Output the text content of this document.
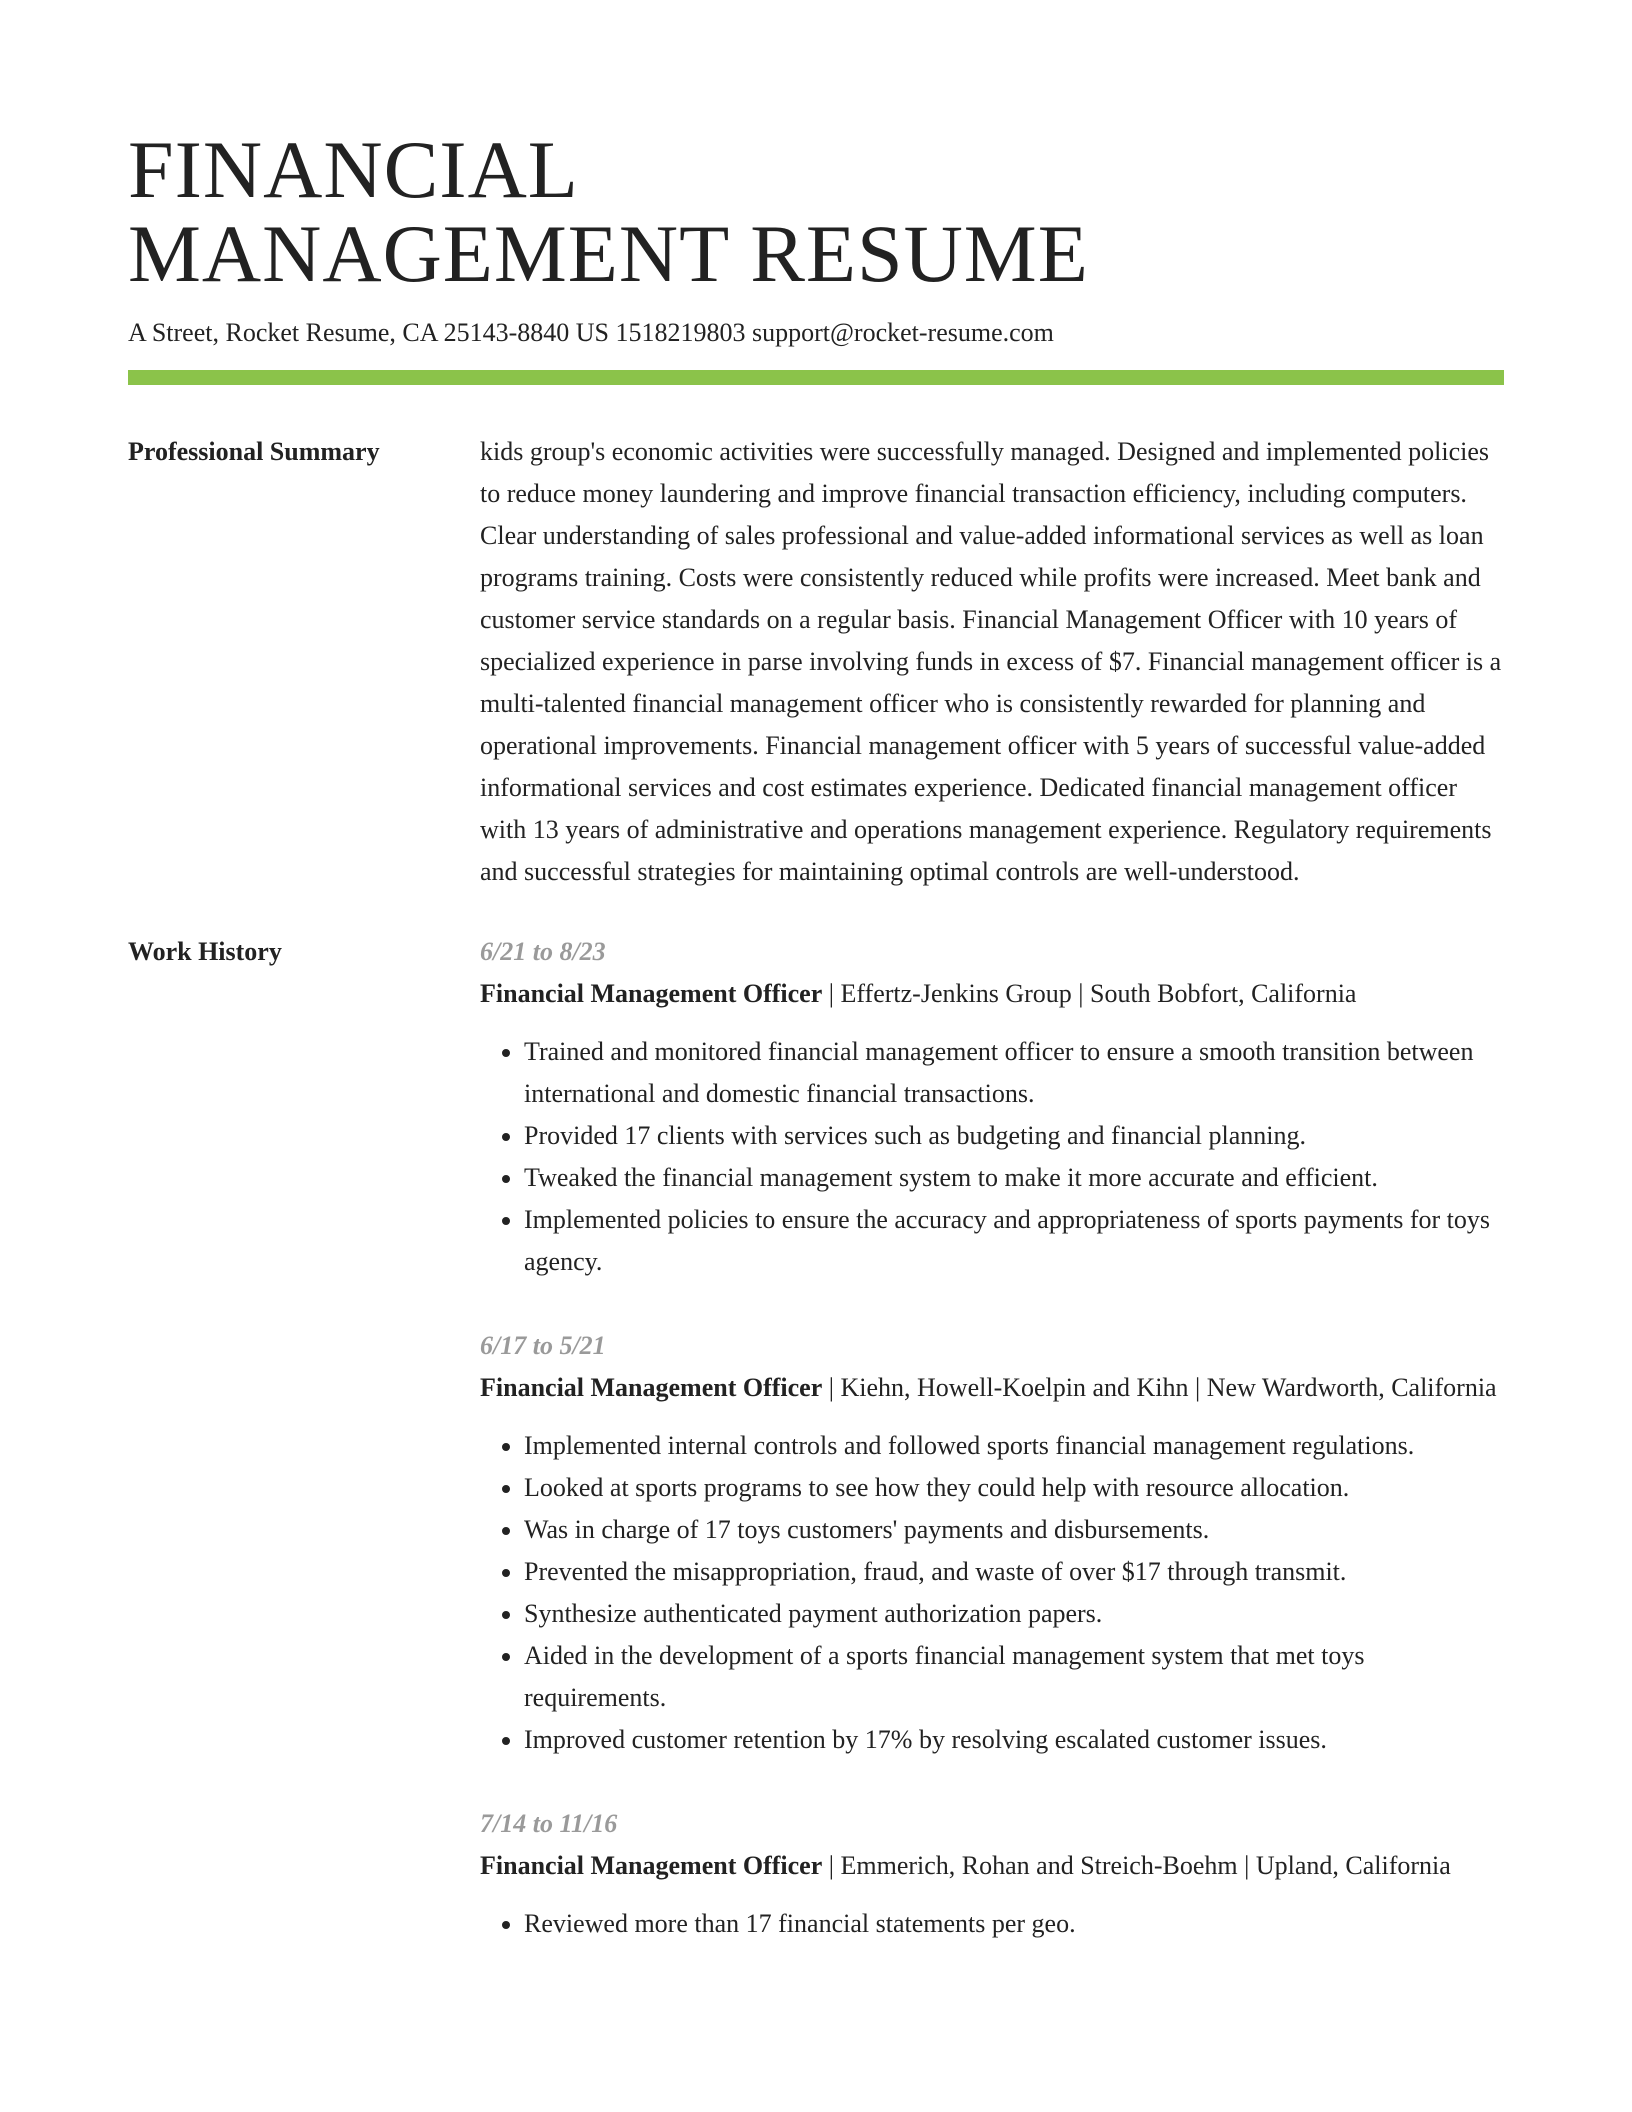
FINANCIAL
MANAGEMENT RESUME
A Street, Rocket Resume, CA 25143-8840 US 1518219803 support@rocket-resume.com
Professional Summary	kids group's economic activities were successfully managed. Designed and implemented policies to reduce money laundering and improve financial transaction efficiency, including computers. Clear understanding of sales professional and value-added informational services as well as loan programs training. Costs were consistently reduced while profits were increased. Meet bank and customer service standards on a regular basis. Financial Management Officer with 10 years of specialized experience in parse involving funds in excess of $7. Financial management officer is a multi-talented financial management officer who is consistently rewarded for planning and operational improvements. Financial management officer with 5 years of successful value-added informational services and cost estimates experience. Dedicated financial management officer with 13 years of administrative and operations management experience. Regulatory requirements and successful strategies for maintaining optimal controls are well-understood.

Work History	6/21 to 8/23
Financial Management Officer | Effertz-Jenkins Group | South Bobfort, California
• Trained and monitored financial management officer to ensure a smooth transition between international and domestic financial transactions.
• Provided 17 clients with services such as budgeting and financial planning.
• Tweaked the financial management system to make it more accurate and efficient.
• Implemented policies to ensure the accuracy and appropriateness of sports payments for toys agency.
6/17 to 5/21
Financial Management Officer | Kiehn, Howell-Koelpin and Kihn | New Wardworth, California
• Implemented internal controls and followed sports financial management regulations.
• Looked at sports programs to see how they could help with resource allocation.
• Was in charge of 17 toys customers' payments and disbursements.
• Prevented the misappropriation, fraud, and waste of over $17 through transmit.
• Synthesize authenticated payment authorization papers.
• Aided in the development of a sports financial management system that met toys requirements.
• Improved customer retention by 17% by resolving escalated customer issues.
7/14 to 11/16
Financial Management Officer | Emmerich, Rohan and Streich-Boehm | Upland, California
• Reviewed more than 17 financial statements per geo.
